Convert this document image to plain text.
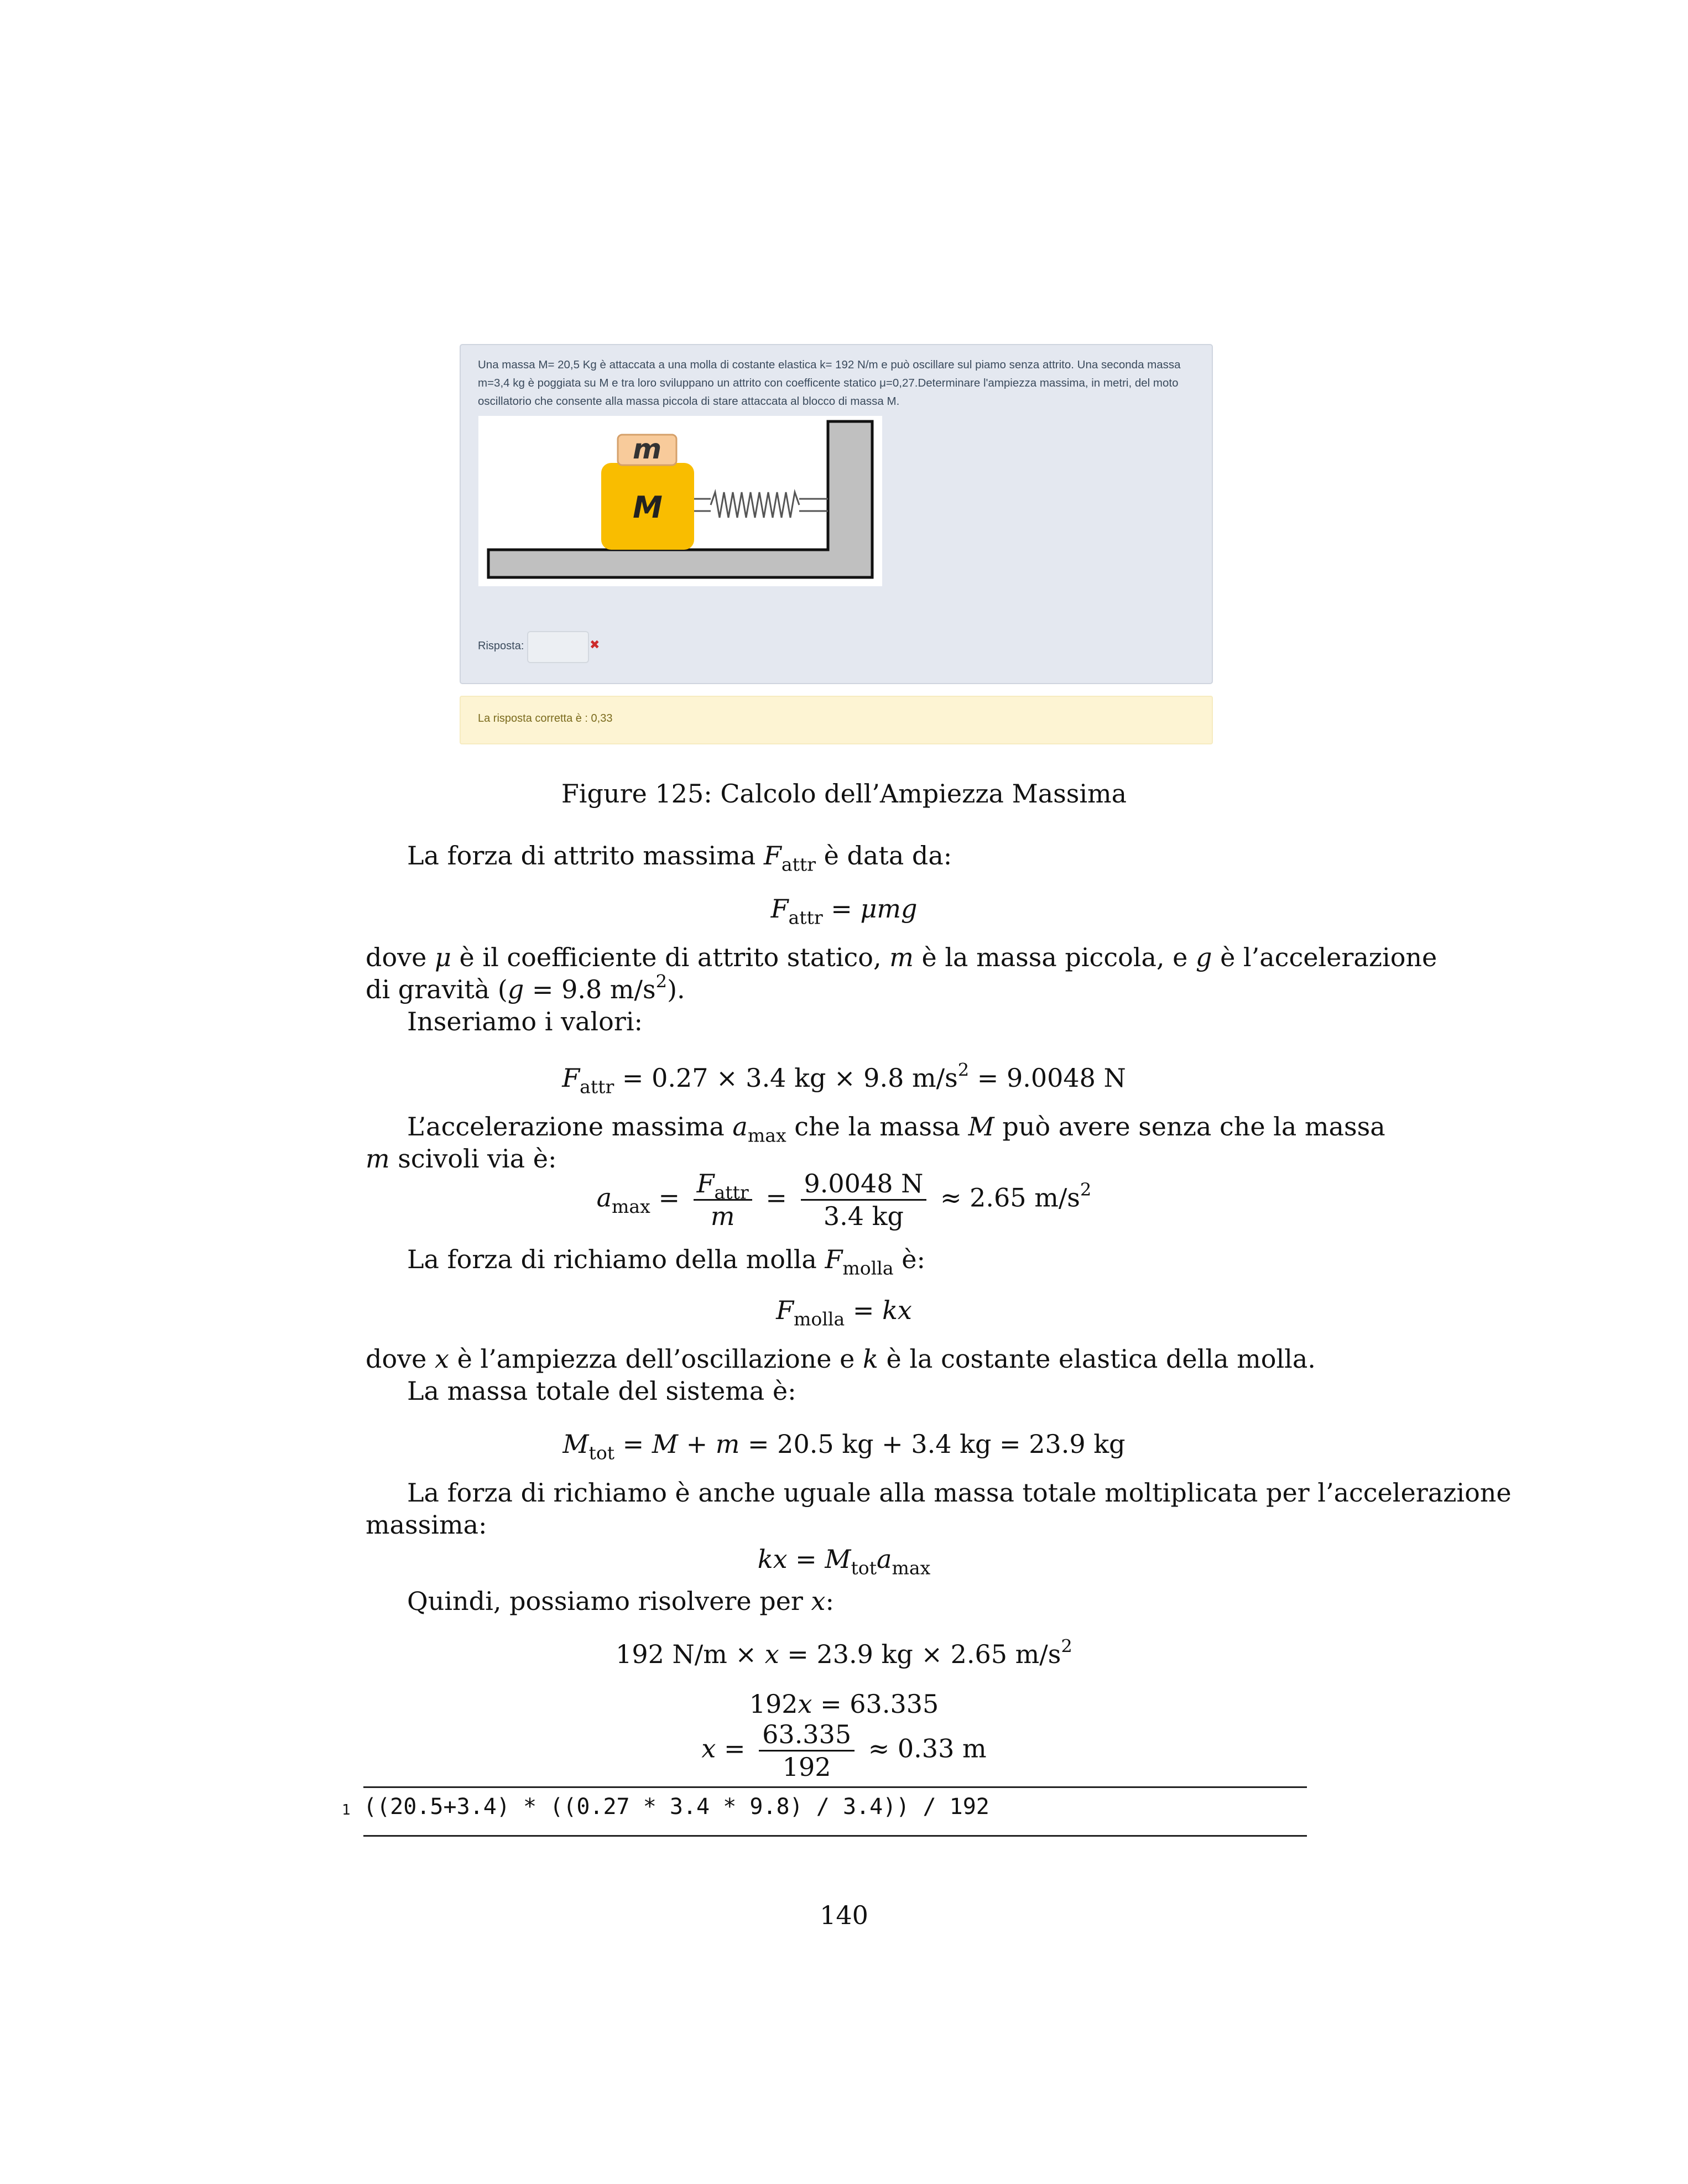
Una massa M= 20,5 Kg è attaccata a una molla di costante elastica k= 192 N/m e può oscillare sul piamo senza attrito. Una seconda massa m=3,4 kg è poggiata su M e tra loro sviluppano un attrito con coefficente statico μ=0,27.Determinare l'ampiezza massima, in metri, del moto oscillatorio che consente alla massa piccola di stare attaccata al blocco di massa M.
m
M
Risposta:	✖
La risposta corretta è : 0,33
Figure 125: Calcolo dell’Ampiezza Massima
La forza di attrito massima $F_{attr}$ è data da:
$F_{attr} = \mu mg$
dove μ è il coefficiente di attrito statico, m è la massa piccola, e g è l’accelerazione
di gravità (g = 9.8 $m/s^2$).
Inseriamo i valori:
$F_{attr} = 0.27 \times 3.4$ kg × 9.8 $m/s^2 = 9.0048$ N
L’accelerazione massima $a_{max}$ che la massa M può avere senza che la massa
m scivoli via è:
$a_{max} = \frac{F_{attr}}{m} = \frac{9.0048 N}{3.4 kg} \approx 2.65$ $m/s^2$
La forza di richiamo della molla $F_{molla}$ è:
$F_{molla}$ = kx
dove x è l’ampiezza dell’oscillazione e k è la costante elastica della molla.
La massa totale del sistema è:
$M_{tot} = M + m = 20.5$ kg + 3.4 kg = 23.9 kg
La forza di richiamo è anche uguale alla massa totale moltiplicata per l’accelerazione
massima:
kx = $M_{tot}a_{max}$
Quindi, possiamo risolvere per x:
192 N/m × x = 23.9 kg × 2.65 $m/s^2$
192x = 63.335
$x = \frac{63.335}{192} \approx 0.33$ m
1 ((20.5+3.4) * ((0.27 * 3.4 * 9.8) / 3.4)) / 192
140
